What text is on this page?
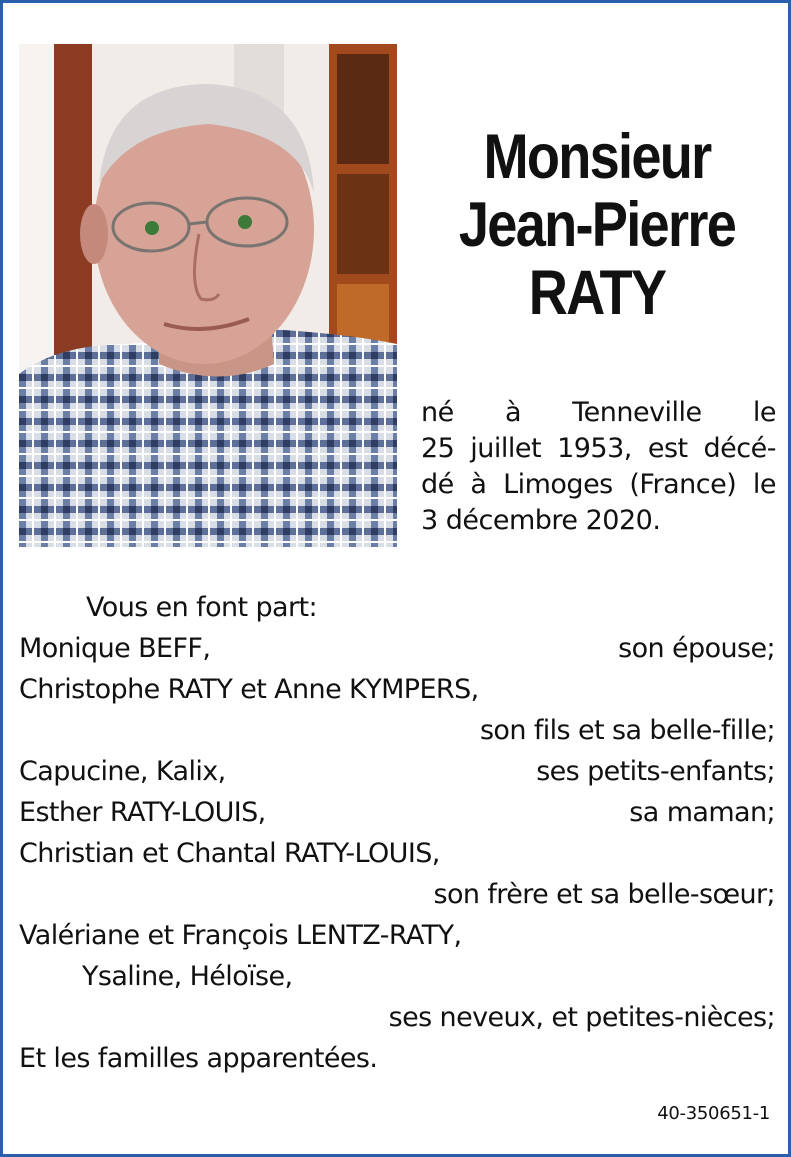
Monsieur
Jean-Pierre
RATY
né à Tenneville le
25 juillet 1953, est décé-
dé à Limoges (France) le
3 décembre 2020.
Vous en font part:
Monique BEFF,	son épouse;
Christophe RATY et Anne KYMPERS,
son fils et sa belle-fille;
Capucine, Kalix,	ses petits-enfants;
Esther RATY-LOUIS,	sa maman;
Christian et Chantal RATY-LOUIS,
son frère et sa belle-sœur;
Valériane et François LENTZ-RATY,
Ysaline, Héloïse,
ses neveux, et petites-nièces;
Et les familles apparentées.
40-350651-1
